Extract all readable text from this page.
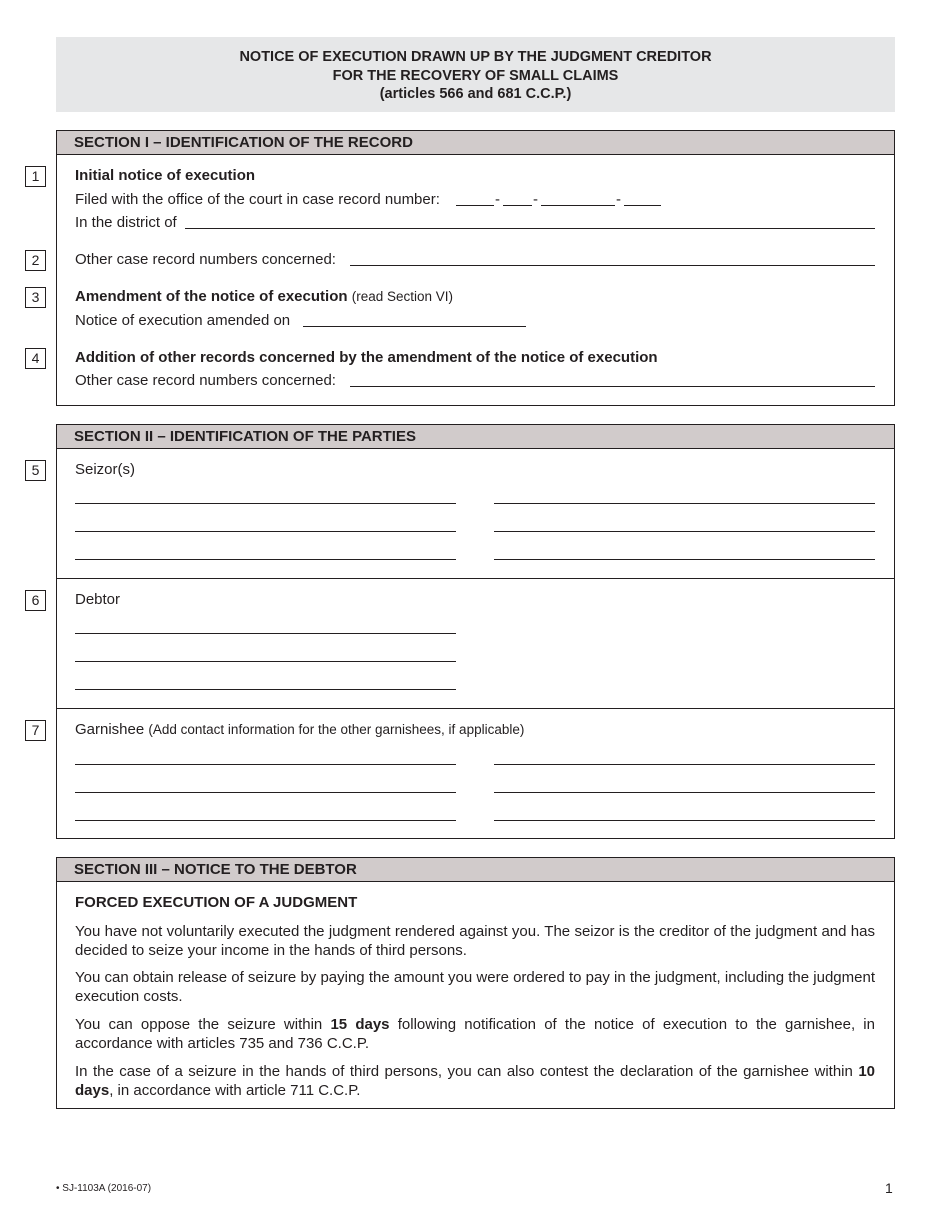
NOTICE OF EXECUTION DRAWN UP BY THE JUDGMENT CREDITOR
FOR THE RECOVERY OF SMALL CLAIMS
(articles 566 and 681 C.C.P.)
SECTION I – IDENTIFICATION OF THE RECORD
1	Initial notice of execution
Filed with the office of the court in case record number:	- -	-
In the district of
2	Other case record numbers concerned:
3	Amendment of the notice of execution (read Section VI)
Notice of execution amended on
4	Addition of other records concerned by the amendment of the notice of execution
Other case record numbers concerned:
SECTION II – IDENTIFICATION OF THE PARTIES
5	Seizor(s)
6	Debtor
7	Garnishee (Add contact information for the other garnishees, if applicable)
SECTION III – NOTICE TO THE DEBTOR
FORCED EXECUTION OF A JUDGMENT
You have not voluntarily executed the judgment rendered against you. The seizor is the creditor of the judgment and has decided to seize your income in the hands of third persons.
You can obtain release of seizure by paying the amount you were ordered to pay in the judgment, including the judgment execution costs.
You can oppose the seizure within 15 days following notification of the notice of execution to the garnishee, in accordance with articles 735 and 736 C.C.P.
In the case of a seizure in the hands of third persons, you can also contest the declaration of the garnishee within 10 days, in accordance with article 711 C.C.P.
• SJ-1103A (2016-07)	1
